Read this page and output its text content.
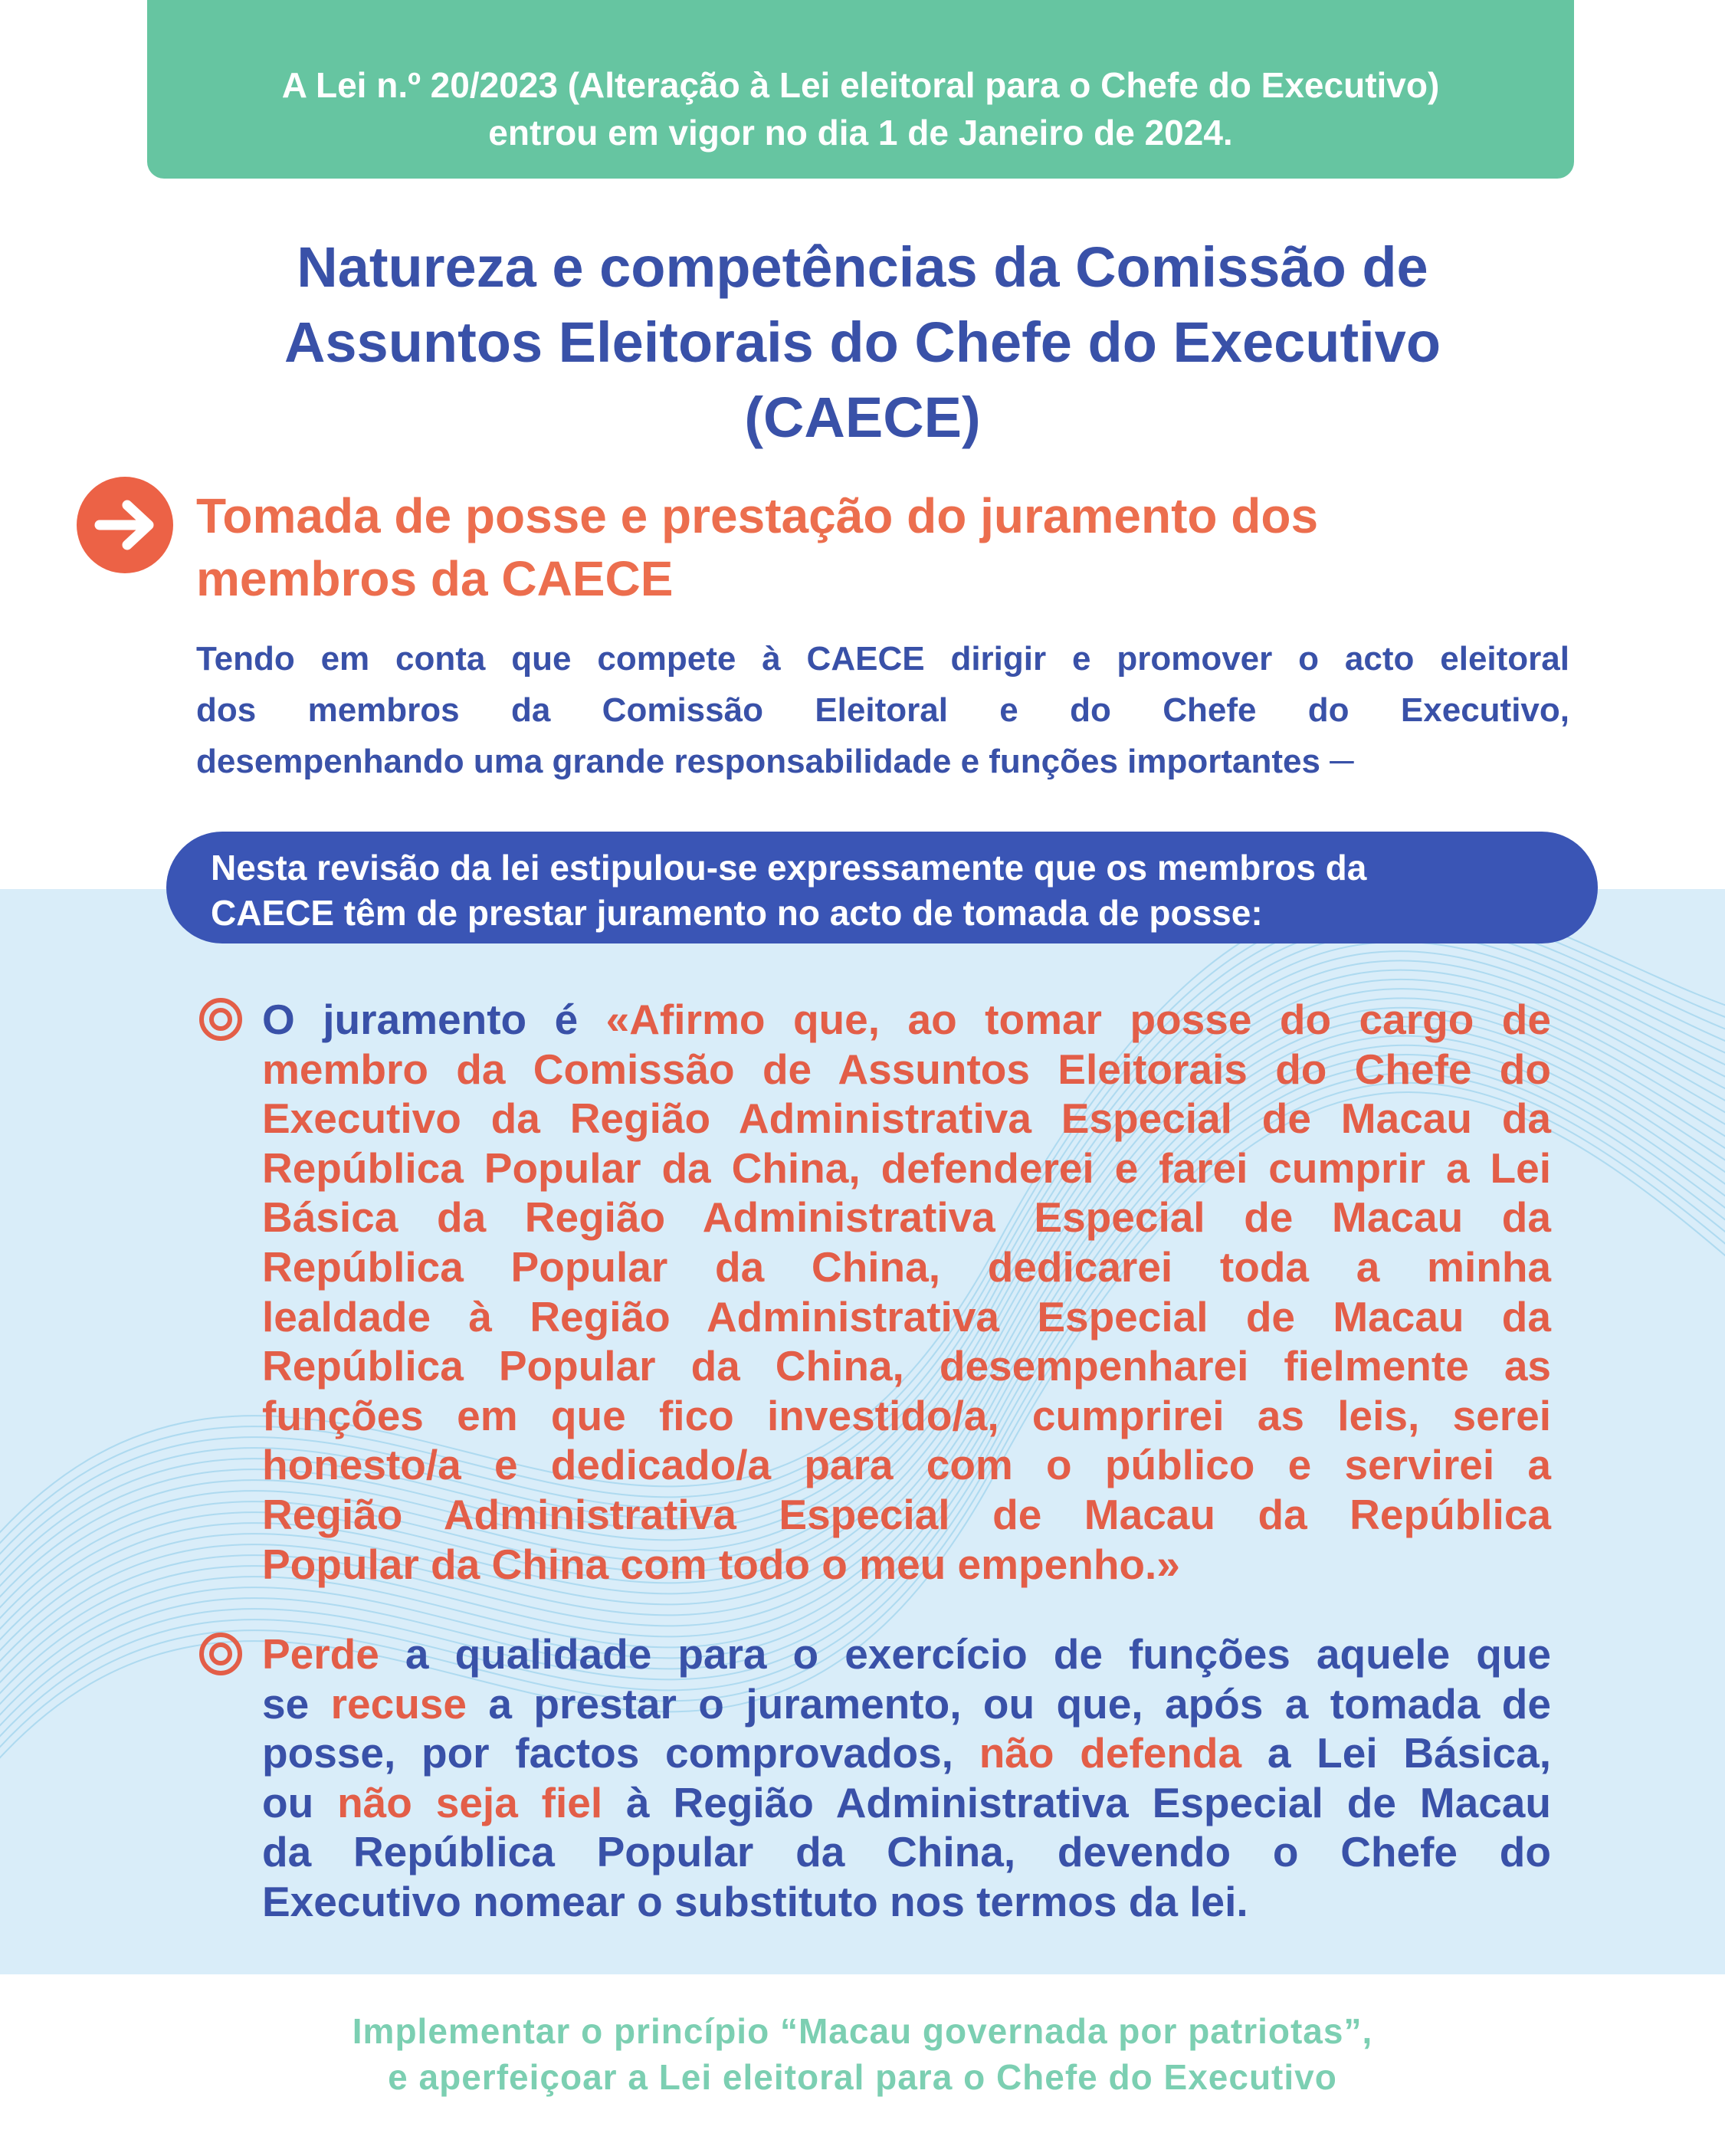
A Lei n.º 20/2023 (Alteração à Lei eleitoral para o Chefe do Executivo)
entrou em vigor no dia 1 de Janeiro de 2024.
Natureza e competências da Comissão de
Assuntos Eleitorais do Chefe do Executivo
(CAECE)
Tomada de posse e prestação do juramento dos
membros da CAECE
Tendo em conta que compete à CAECE dirigir e promover o acto eleitoral
dos membros da Comissão Eleitoral e do Chefe do Executivo,
desempenhando uma grande responsabilidade e funções importantes ─
Nesta revisão da lei estipulou-se expressamente que os membros da
CAECE têm de prestar juramento no acto de tomada de posse:
O juramento é «Afirmo que, ao tomar posse do cargo de
membro da Comissão de Assuntos Eleitorais do Chefe do
Executivo da Região Administrativa Especial de Macau da
República Popular da China, defenderei e farei cumprir a Lei
Básica da Região Administrativa Especial de Macau da
República Popular da China, dedicarei toda a minha
lealdade à Região Administrativa Especial de Macau da
República Popular da China, desempenharei fielmente as
funções em que fico investido/a, cumprirei as leis, serei
honesto/a e dedicado/a para com o público e servirei a
Região Administrativa Especial de Macau da República
Popular da China com todo o meu empenho.»
Perde a qualidade para o exercício de funções aquele que
se recuse a prestar o juramento, ou que, após a tomada de
posse, por factos comprovados, não defenda a Lei Básica,
ou não seja fiel à Região Administrativa Especial de Macau
da República Popular da China, devendo o Chefe do
Executivo nomear o substituto nos termos da lei.
Implementar o princípio “Macau governada por patriotas”,
e aperfeiçoar a Lei eleitoral para o Chefe do Executivo
